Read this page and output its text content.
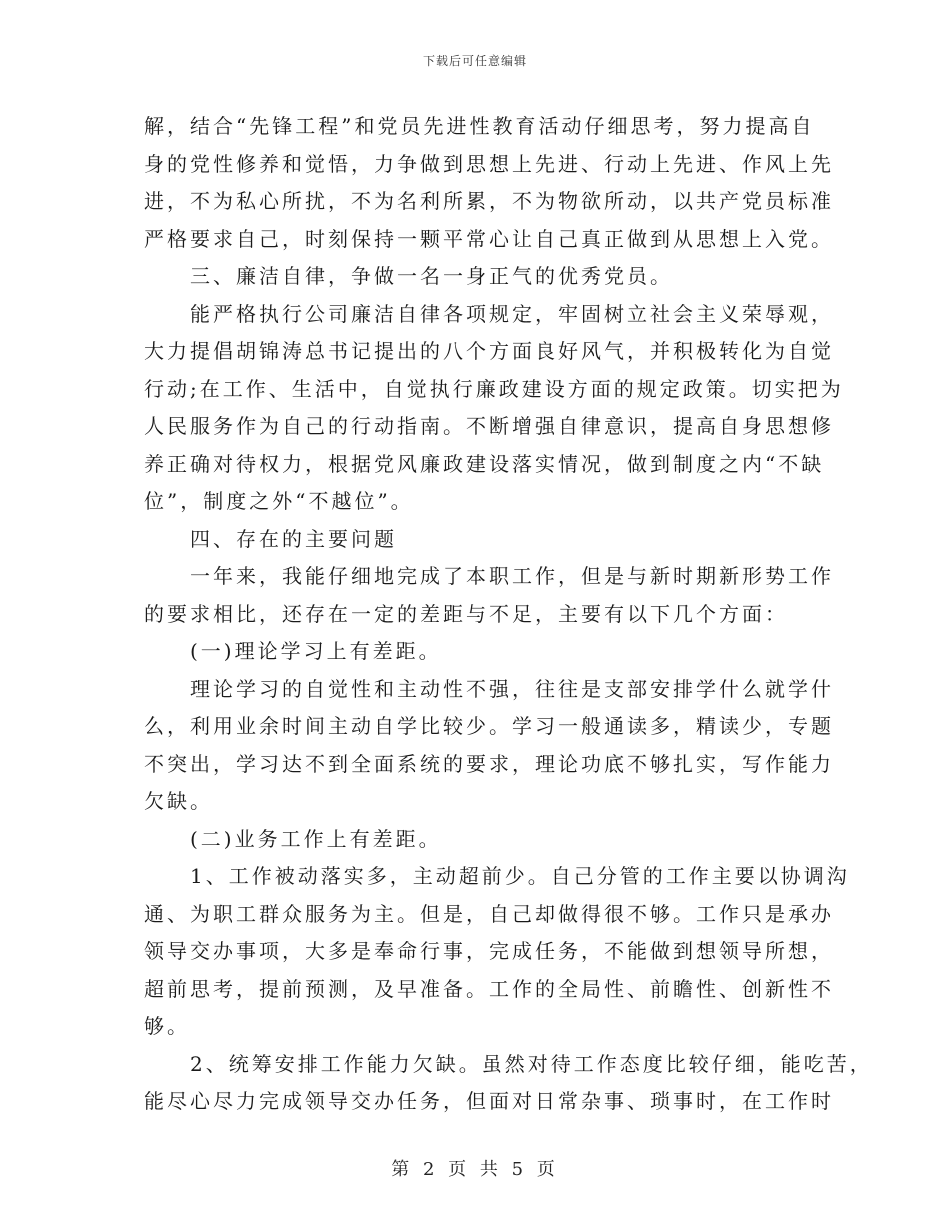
下载后可任意编辑
解，结合“先锋工程”和党员先进性教育活动仔细思考，努力提高自
身的党性修养和觉悟，力争做到思想上先进、行动上先进、作风上先
进，不为私心所扰，不为名利所累，不为物欲所动，以共产党员标准
严格要求自己，时刻保持一颗平常心让自己真正做到从思想上入党。
　　三、廉洁自律，争做一名一身正气的优秀党员。
　　能严格执行公司廉洁自律各项规定，牢固树立社会主义荣辱观，
大力提倡胡锦涛总书记提出的八个方面良好风气，并积极转化为自觉
行动;在工作、生活中，自觉执行廉政建设方面的规定政策。切实把为
人民服务作为自己的行动指南。不断增强自律意识，提高自身思想修
养正确对待权力，根据党风廉政建设落实情况，做到制度之内“不缺
位”，制度之外“不越位”。
　　四、存在的主要问题
　　一年来，我能仔细地完成了本职工作，但是与新时期新形势工作
的要求相比，还存在一定的差距与不足，主要有以下几个方面：
　　(一)理论学习上有差距。
　　理论学习的自觉性和主动性不强，往往是支部安排学什么就学什
么，利用业余时间主动自学比较少。学习一般通读多，精读少，专题
不突出，学习达不到全面系统的要求，理论功底不够扎实，写作能力
欠缺。
　　(二)业务工作上有差距。
　　1、工作被动落实多，主动超前少。自己分管的工作主要以协调沟
通、为职工群众服务为主。但是，自己却做得很不够。工作只是承办
领导交办事项，大多是奉命行事，完成任务，不能做到想领导所想，
超前思考，提前预测，及早准备。工作的全局性、前瞻性、创新性不
够。
　　2、统筹安排工作能力欠缺。虽然对待工作态度比较仔细，能吃苦，
能尽心尽力完成领导交办任务，但面对日常杂事、琐事时，在工作时
第 2 页 共 5 页
